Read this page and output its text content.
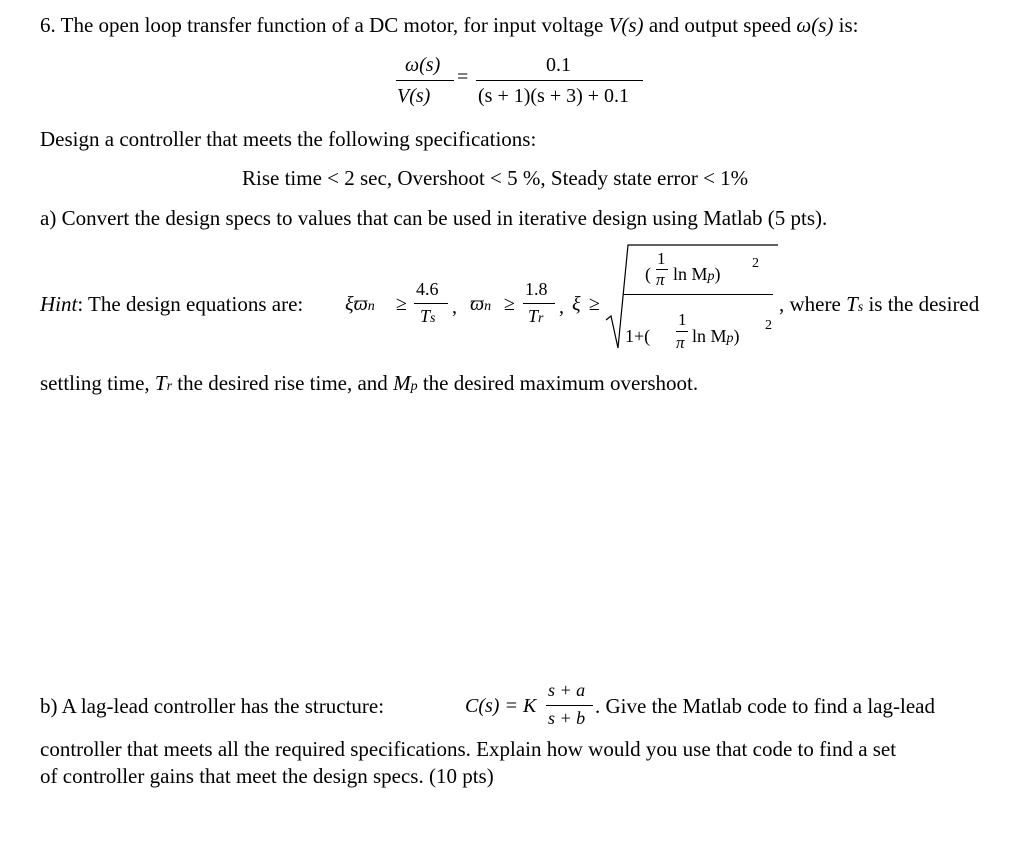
6. The open loop transfer function of a DC motor, for input voltage V(s) and output speed ω(s) is:
ω(s)
V(s)
=
0.1
(s + 1)(s + 3) + 0.1
Design a controller that meets the following specifications:
Rise time < 2 sec, Overshoot < 5 %, Steady state error < 1%
a) Convert the design specs to values that can be used in iterative design using Matlab (5 pts).
Hint: The design equations are: ξϖn ≥
4.6
Ts
, ϖn ≥
1.8
Tr
, ξ ≥
(
1
π ln Mp)
2
1+(
1
π ln Mp)
2
, where Ts is the desired
settling time, Tr the desired rise time, and Mp the desired maximum overshoot.
b) A lag-lead controller has the structure:	C(s) = K
s + a
s + b . Give the Matlab code to find a lag-lead
controller that meets all the required specifications. Explain how would you use that code to find a set
of controller gains that meet the design specs. (10 pts)
